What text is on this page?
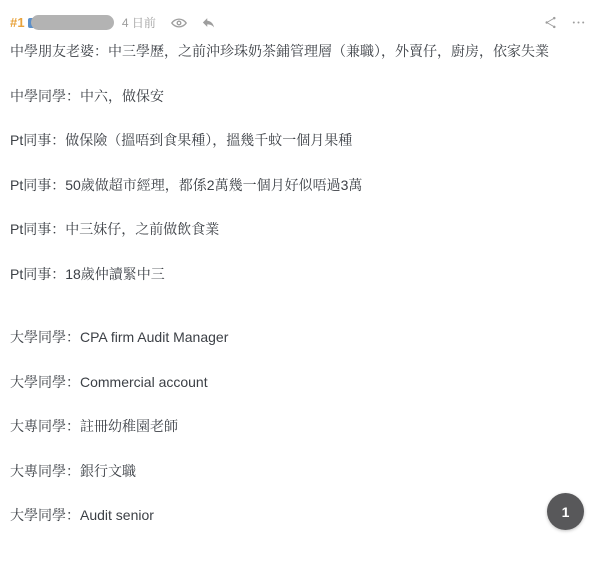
#1	4 日前

中學朋友老婆：中三學歷，之前沖珍珠奶茶鋪管理層（兼職），外賣仔，廚房，依家失業

中學同學：中六，做保安

Pt同事：做保險（搵唔到食果種），搵幾千蚊一個月果種

Pt同事：50歲做超市經理，都係2萬幾一個月好似唔過3萬

Pt同事：中三妹仔，之前做飲食業

Pt同事：18歲仲讀緊中三

大學同學：CPA firm Audit Manager

大學同學：Commercial account

大專同學：註冊幼稚園老師

大專同學：銀行文職

大學同學：Audit senior	1
